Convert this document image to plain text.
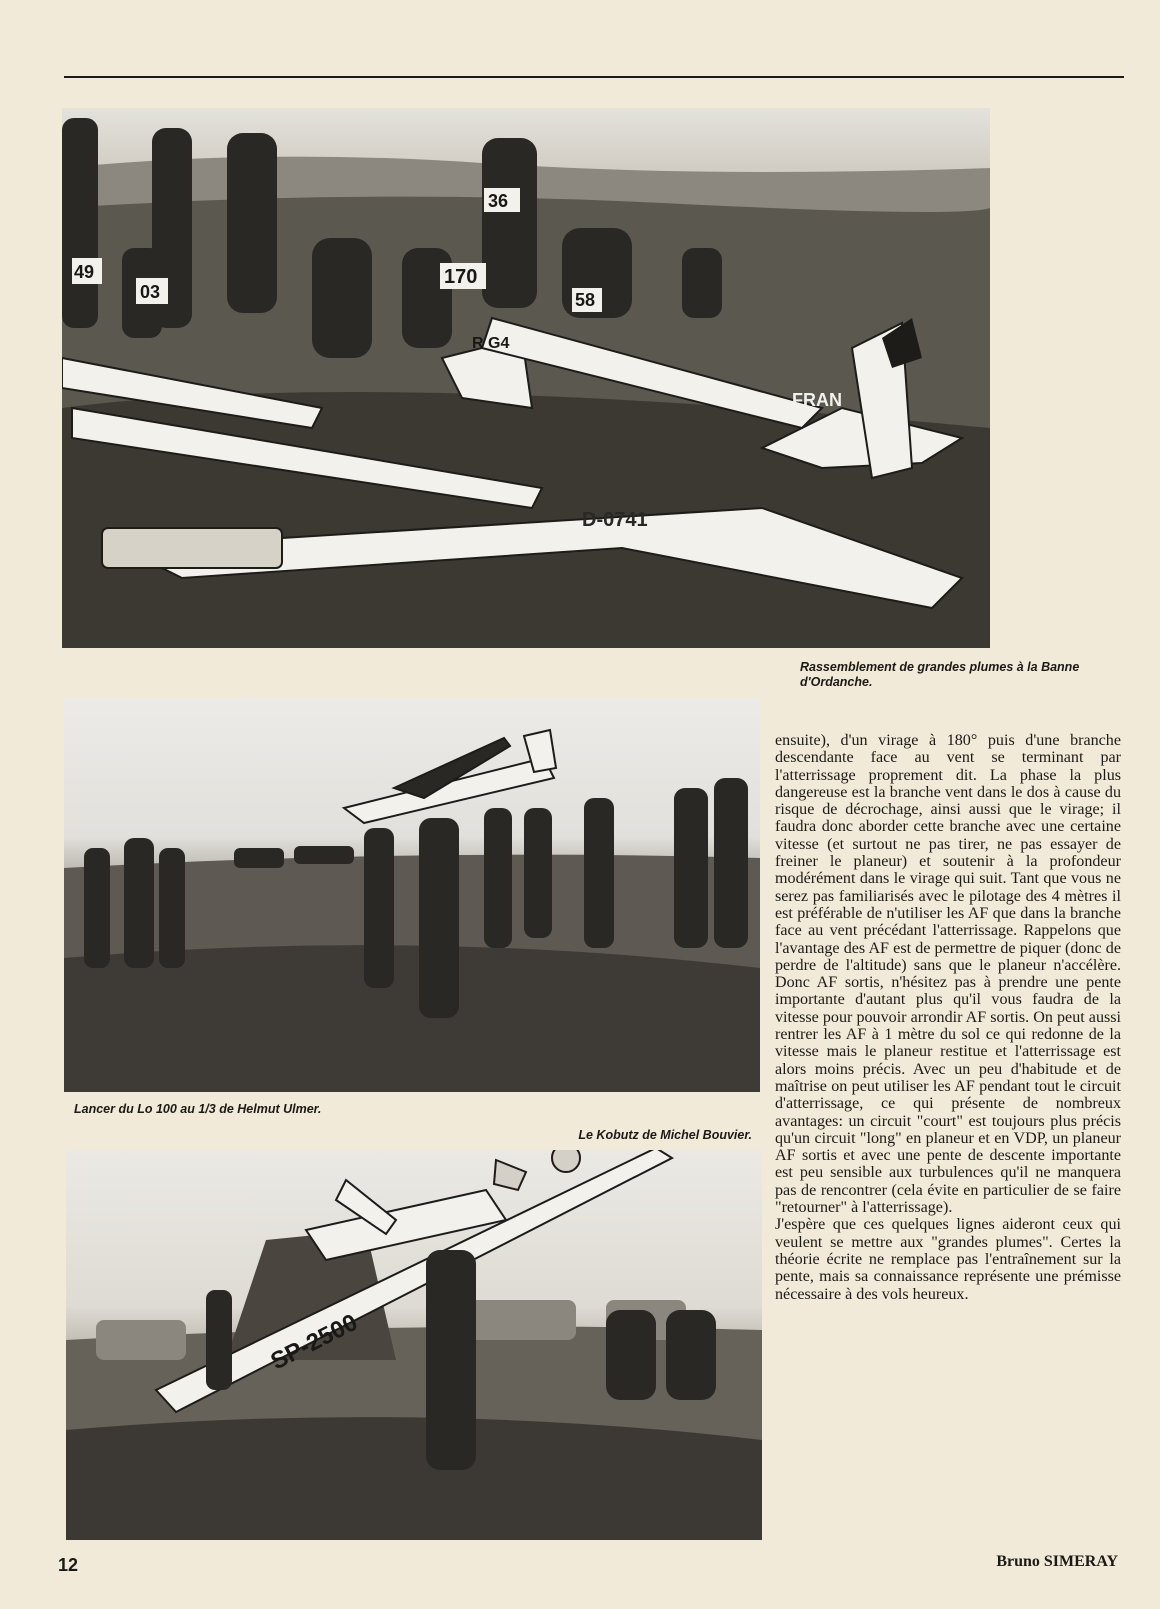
36
170
49
03	58
R G4
D-0741
FRAN
Rassemblement de grandes plumes à la Banne d'Ordanche.
Lancer du Lo 100 au 1/3 de Helmut Ulmer.
Le Kobutz de Michel Bouvier.
SP-2500

ensuite), d'un virage à 180° puis d'une branche descendante face au vent se terminant par l'atterrissage proprement dit. La phase la plus dangereuse est la branche vent dans le dos à cause du risque de décrochage, ainsi aussi que le virage; il faudra donc aborder cette branche avec une certaine vitesse (et surtout ne pas tirer, ne pas essayer de freiner le planeur) et soutenir à la profondeur modérément dans le virage qui suit. Tant que vous ne serez pas familiarisés avec le pilotage des 4 mètres il est préférable de n'utiliser les AF que dans la branche face au vent précédant l'atterrissage. Rappelons que l'avantage des AF est de permettre de piquer (donc de perdre de l'altitude) sans que le planeur n'accélère. Donc AF sortis, n'hésitez pas à prendre une pente importante d'autant plus qu'il vous faudra de la vitesse pour pouvoir arrondir AF sortis. On peut aussi rentrer les AF à 1 mètre du sol ce qui redonne de la vitesse mais le planeur restitue et l'atterrissage est alors moins précis. Avec un peu d'habitude et de maîtrise on peut utiliser les AF pendant tout le circuit d'atterrissage, ce qui présente de nombreux avantages: un circuit "court" est toujours plus précis qu'un circuit "long" en planeur et en VDP, un planeur AF sortis et avec une pente de descente importante est peu sensible aux turbulences qu'il ne manquera pas de rencontrer (cela évite en particulier de se faire "retourner" à l'atterrissage).

J'espère que ces quelques lignes aideront ceux qui veulent se mettre aux "grandes plumes". Certes la théorie écrite ne remplace pas l'entraînement sur la pente, mais sa connaissance représente une prémisse nécessaire à des vols heureux.

Bruno SIMERAY
12
